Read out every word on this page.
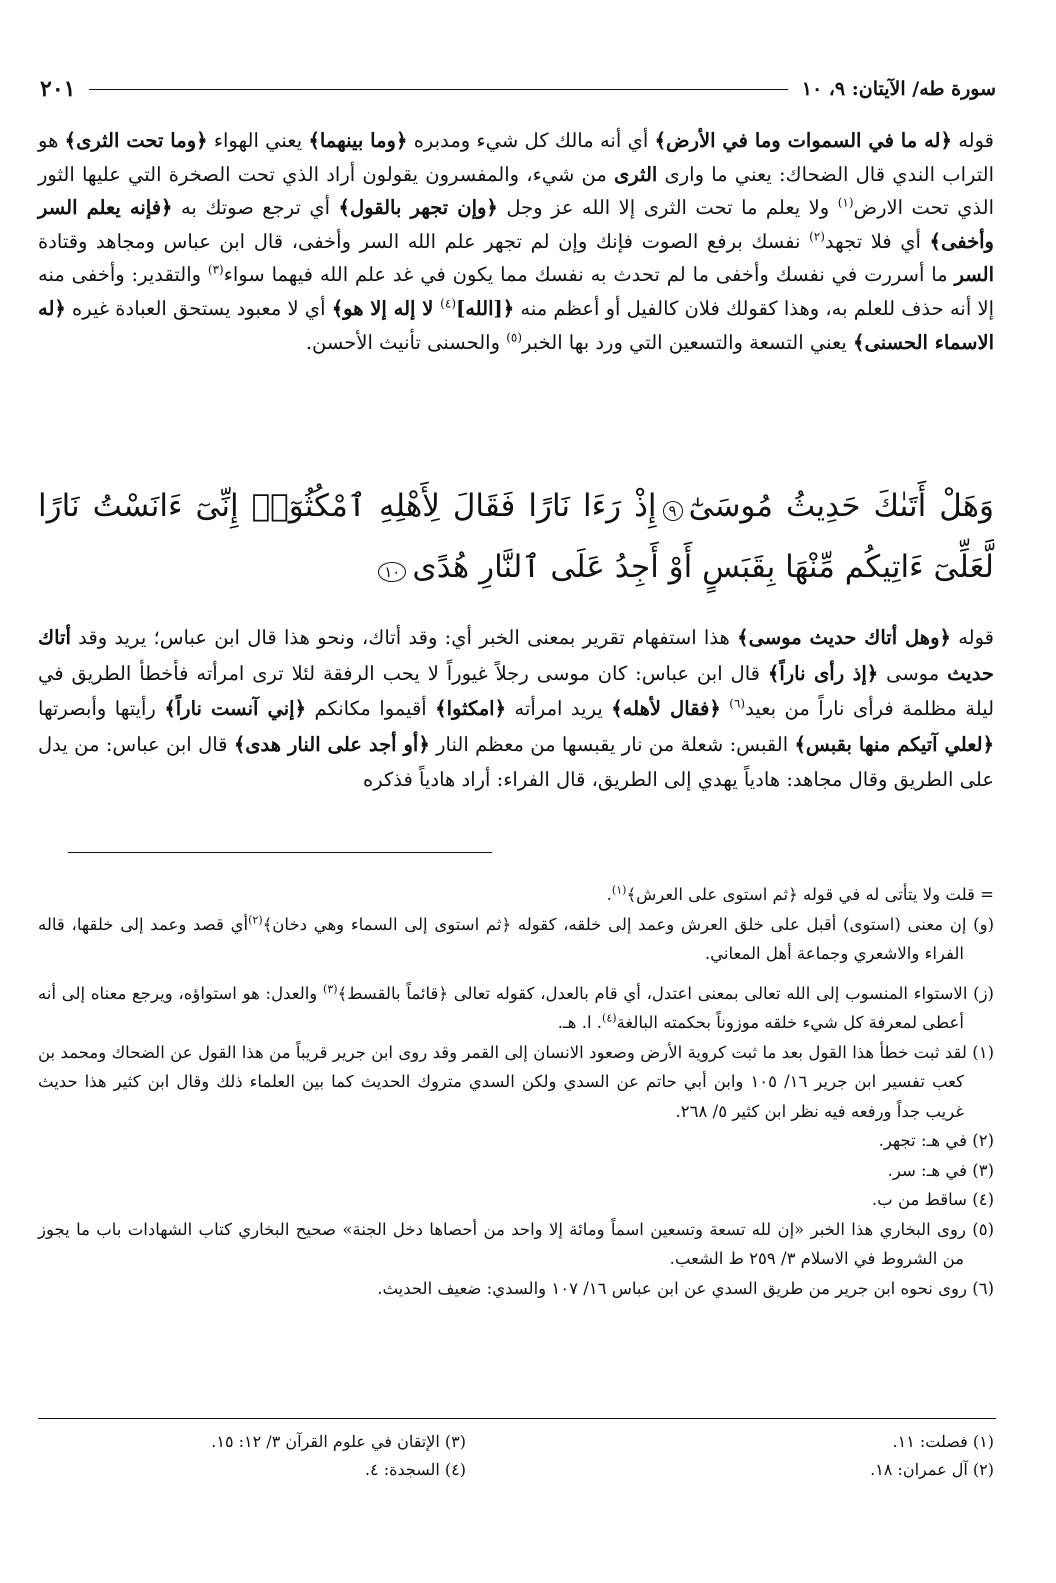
سورة طه/ الآيتان: ٩، ١٠
٢٠١

قوله ﴿له ما في السموات وما في الأرض﴾ أي أنه مالك كل شيء ومدبره ﴿وما بينهما﴾ يعني الهواء ﴿وما تحت الثرى﴾ هو التراب الندي قال الضحاك: يعني ما وارى الثرى من شيء، والمفسرون يقولون أراد الذي تحت الصخرة التي عليها الثور الذي تحت الارض$^{(١)}$ ولا يعلم ما تحت الثرى إلا الله عز وجل ﴿وإن تجهر بالقول﴾ أي ترجع صوتك به ﴿فإنه يعلم السر وأخفى﴾ أي فلا تجهد$^{(٢)}$ نفسك برفع الصوت فإنك وإن لم تجهر علم الله السر وأخفى، قال ابن عباس ومجاهد وقتادة السر ما أسررت في نفسك وأخفى ما لم تحدث به نفسك مما يكون في غد علم الله فيهما سواء$^{(٣)}$ والتقدير: وأخفى منه إلا أنه حذف للعلم به، وهذا كقولك فلان كالفيل أو أعظم منه ﴿[الله]$^{(٤)}$ لا إله إلا هو﴾ أي لا معبود يستحق العبادة غيره ﴿له الاسماء الحسنى﴾ يعني التسعة والتسعين التي ورد بها الخبر$^{(٥)}$ والحسنى تأنيث الأحسن.

وَهَلْ أَتَىٰكَ حَدِيثُ مُوسَىٰٓ٩إِذْ رَءَا نَارًا فَقَالَ لِأَهْلِهِ ٱمْكُثُوٓا۟ إِنِّىٓ ءَانَسْتُ نَارًا لَّعَلِّىٓ ءَاتِيكُم مِّنْهَا بِقَبَسٍ أَوْ أَجِدُ عَلَى ٱلنَّارِ هُدًى١٠

قوله ﴿وهل أتاك حديث موسى﴾ هذا استفهام تقرير بمعنى الخبر أي: وقد أتاك، ونحو هذا قال ابن عباس؛ يريد وقد أتاك حديث موسى ﴿إذ رأى ناراً﴾ قال ابن عباس: كان موسى رجلاً غيوراً لا يحب الرفقة لئلا ترى امرأته فأخطأ الطريق في ليلة مظلمة فرأى ناراً من بعيد$^{(٦)}$ ﴿فقال لأهله﴾ يريد امرأته ﴿امكثوا﴾ أقيموا مكانكم ﴿إني آنست ناراً﴾ رأيتها وأبصرتها ﴿لعلي آتيكم منها بقبس﴾ القبس: شعلة من نار يقبسها من معظم النار ﴿أو أجد على النار هدى﴾ قال ابن عباس: من يدل على الطريق وقال مجاهد: هادياً يهدي إلى الطريق، قال الفراء: أراد هادياً فذكره

= قلت ولا يتأتى له في قوله ﴿ثم استوى على العرش﴾$^{(١)}$.

(و) إن معنى (استوى) أقبل على خلق العرش وعمد إلى خلقه، كقوله ﴿ثم استوى إلى السماء وهي دخان﴾$^{(٢)}$أي قصد وعمد إلى خلقها، قاله الفراء والاشعري وجماعة أهل المعاني.

(ز) الاستواء المنسوب إلى الله تعالى بمعنى اعتدل، أي قام بالعدل، كقوله تعالى ﴿قائماً بالقسط﴾$^{(٣)}$ والعدل: هو استواؤه، ويرجع معناه إلى أنه أعطى لمعرفة كل شيء خلقه موزوناً بحكمته البالغة$^{(٤)}$. ا. هـ.

(١) لقد ثبت خطأ هذا القول بعد ما ثبت كروية الأرض وصعود الانسان إلى القمر وقد روى ابن جرير قريباً من هذا القول عن الضحاك ومحمد بن كعب تفسير ابن جرير ١٦/ ١٠٥ وابن أبي حاتم عن السدي ولكن السدي متروك الحديث كما بين العلماء ذلك وقال ابن كثير هذا حديث غريب جداً ورفعه فيه نظر ابن كثير ٥/ ٢٦٨.

(٢) في هـ: تجهر.

(٣) في هـ: سر.

(٤) ساقط من ب.

(٥) روى البخاري هذا الخبر «إن لله تسعة وتسعين اسماً ومائة إلا واحد من أحصاها دخل الجنة» صحيح البخاري كتاب الشهادات باب ما يجوز من الشروط في الاسلام ٣/ ٢٥٩ ط الشعب.

(٦) روى نحوه ابن جرير من طريق السدي عن ابن عباس ١٦/ ١٠٧ والسدي: ضعيف الحديث.

(١) فصلت: ١١.
(٢) آل عمران: ١٨.
(٣) الإتقان في علوم القرآن ٣/ ١٢: ١٥.
(٤) السجدة: ٤.
